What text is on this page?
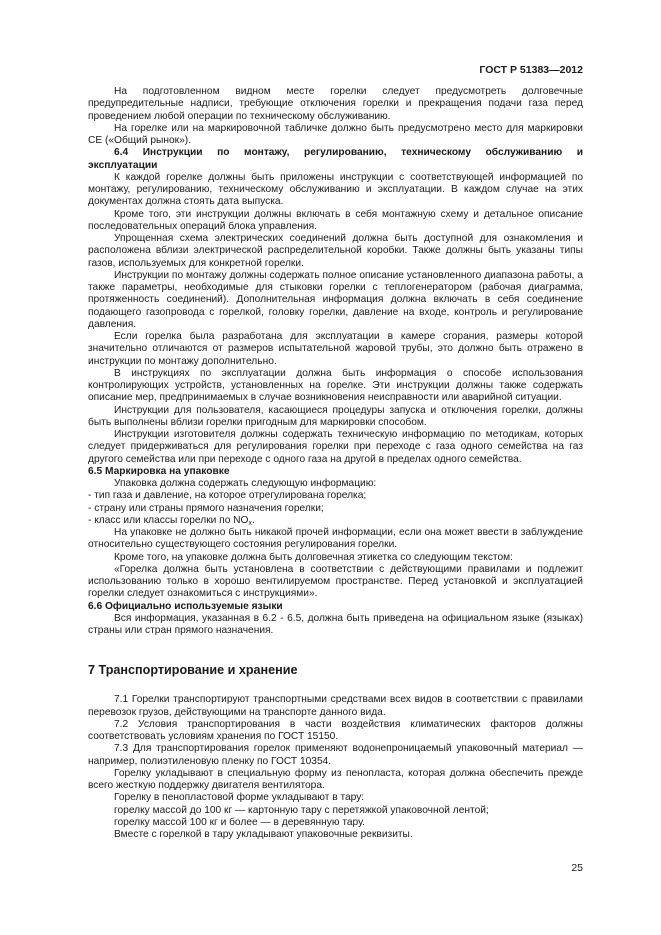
ГОСТ Р 51383—2012

На подготовленном видном месте горелки следует предусмотреть долговечные предупредительные надписи, требующие отключения горелки и прекращения подачи газа перед проведением любой операции по техническому обслуживанию.

На горелке или на маркировочной табличке должно быть предусмотрено место для маркировки СЕ («Общий рынок»).

6.4 Инструкции по монтажу, регулированию, техническому обслуживанию и

эксплуатации

К каждой горелке должны быть приложены инструкции с соответствующей информацией по монтажу, регулированию, техническому обслуживанию и эксплуатации. В каждом случае на этих документах должна стоять дата выпуска.

Кроме того, эти инструкции должны включать в себя монтажную схему и детальное описание последовательных операций блока управления.

Упрощенная схема электрических соединений должна быть доступной для ознакомления и расположена вблизи электрической распределительной коробки. Также должны быть указаны типы газов, используемых для конкретной горелки.

Инструкции по монтажу должны содержать полное описание установленного диапазона работы, а также параметры, необходимые для стыковки горелки с теплогенератором (рабочая диаграмма, протяженность соединений). Дополнительная информация должна включать в себя соединение подающего газопровода с горелкой, головку горелки, давление на входе, контроль и регулирование давления.

Если горелка была разработана для эксплуатации в камере сгорания, размеры которой значительно отличаются от размеров испытательной жаровой трубы, это должно быть отражено в инструкции по монтажу дополнительно.

В инструкциях по эксплуатации должна быть информация о способе использования контролирующих устройств, установленных на горелке. Эти инструкции должны также содержать описание мер, предпринимаемых в случае возникновения неисправности или аварийной ситуации.

Инструкции для пользователя, касающиеся процедуры запуска и отключения горелки, должны быть выполнены вблизи горелки пригодным для маркировки способом.

Инструкции изготовителя должны содержать техническую информацию по методикам, которых следует придерживаться для регулирования горелки при переходе с газа одного семейства на газ другого семейства или при переходе с одного газа на другой в пределах одного семейства.

6.5 Маркировка на упаковке

Упаковка должна содержать следующую информацию:

- тип газа и давление, на которое отрегулирована горелка;

- страну или страны прямого назначения горелки;

- класс или классы горелки по $NO_x$.

На упаковке не должно быть никакой прочей информации, если она может ввести в заблуждение относительно существующего состояния регулирования горелки.

Кроме того, на упаковке должна быть долговечная этикетка со следующим текстом:

«Горелка должна быть установлена в соответствии с действующими правилами и подлежит использованию только в хорошо вентилируемом пространстве. Перед установкой и эксплуатацией горелки следует ознакомиться с инструкциями».

6.6 Официально используемые языки

Вся информация, указанная в 6.2 - 6.5, должна быть приведена на официальном языке (языках) страны или стран прямого назначения.

7 Транспортирование и хранение

7.1 Горелки транспортируют транспортными средствами всех видов в соответствии с правилами перевозок грузов, действующими на транспорте данного вида.

7.2 Условия транспортирования в части воздействия климатических факторов должны соответствовать условиям хранения по ГОСТ 15150.

7.3 Для транспортирования горелок применяют водонепроницаемый упаковочный материал — например, полиэтиленовую пленку по ГОСТ 10354.

Горелку укладывают в специальную форму из пенопласта, которая должна обеспечить прежде всего жесткую поддержку двигателя вентилятора.

Горелку в пенопластовой форме укладывают в тару:

горелку массой до 100 кг — картонную тару с перетяжкой упаковочной лентой;

горелку массой 100 кг и более — в деревянную тару.

Вместе с горелкой в тару укладывают упаковочные реквизиты.

25
